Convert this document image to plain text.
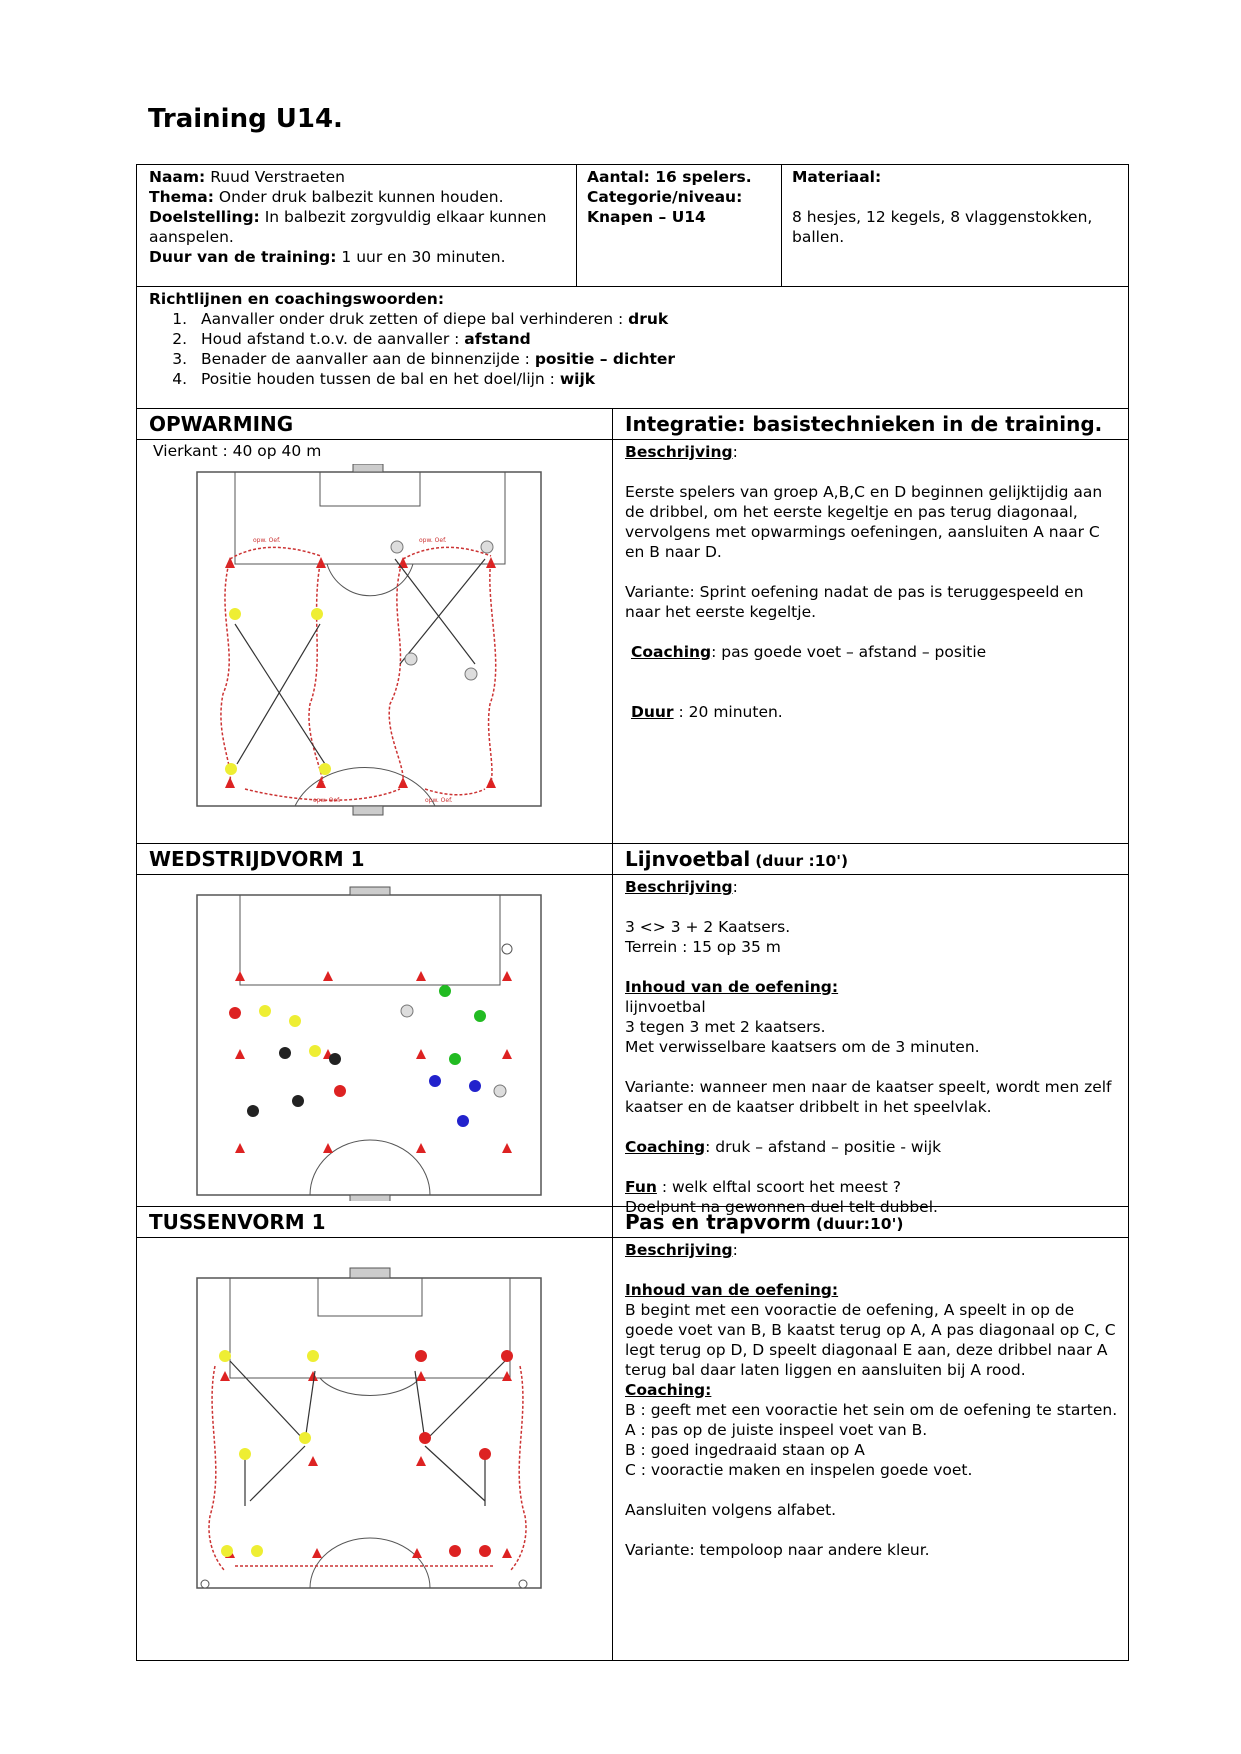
Training U14.
Naam: Ruud Verstraeten
Thema: Onder druk balbezit kunnen houden.
Doelstelling: In balbezit zorgvuldig elkaar kunnen aanspelen.
Duur van de training: 1 uur en 30 minuten.
Aantal: 16 spelers.
Categorie/niveau:
Knapen – U14
Materiaal:
8 hesjes, 12 kegels, 8 vlaggenstokken, ballen.
Richtlijnen en coachingswoorden:
1. Aanvaller onder druk zetten of diepe bal verhinderen : druk
2. Houd afstand t.o.v. de aanvaller : afstand
3. Benader de aanvaller aan de binnenzijde : positie – dichter
4. Positie houden tussen de bal en het doel/lijn : wijk
OPWARMING	Integratie: basistechnieken in de training.
Vierkant : 40 op 40 m
opw. Oef.	opw. Oef.
opw. Oef.	opw. Oef.
Beschrijving:
Eerste spelers van groep A,B,C en D beginnen gelijktijdig aan de dribbel, om het eerste kegeltje en pas terug diagonaal, vervolgens met opwarmings oefeningen, aansluiten A naar C en B naar D.
Variante: Sprint oefening nadat de pas is teruggespeeld en naar het eerste kegeltje.
Coaching: pas goede voet – afstand – positie
Duur : 20 minuten.
WEDSTRIJDVORM 1	Lijnvoetbal (duur :10')
Beschrijving:
3 <> 3 + 2 Kaatsers.
Terrein : 15 op 35 m
Inhoud van de oefening:
lijnvoetbal
3 tegen 3 met 2 kaatsers.
Met verwisselbare kaatsers om de 3 minuten.
Variante: wanneer men naar de kaatser speelt, wordt men zelf kaatser en de kaatser dribbelt in het speelvlak.
Coaching: druk – afstand – positie - wijk
Fun : welk elftal scoort het meest ?
Doelpunt na gewonnen duel telt dubbel.
TUSSENVORM 1	Pas en trapvorm (duur:10')
Beschrijving:
Inhoud van de oefening:
B begint met een vooractie de oefening, A speelt in op de goede voet van B, B kaatst terug op A, A pas diagonaal op C, C legt terug op D, D speelt diagonaal E aan, deze dribbel naar A terug bal daar laten liggen en aansluiten bij A rood.
Coaching:
B : geeft met een vooractie het sein om de oefening te starten.
A : pas op de juiste inspeel voet van B.
B : goed ingedraaid staan op A
C : vooractie maken en inspelen goede voet.
Aansluiten volgens alfabet.
Variante: tempoloop naar andere kleur.
